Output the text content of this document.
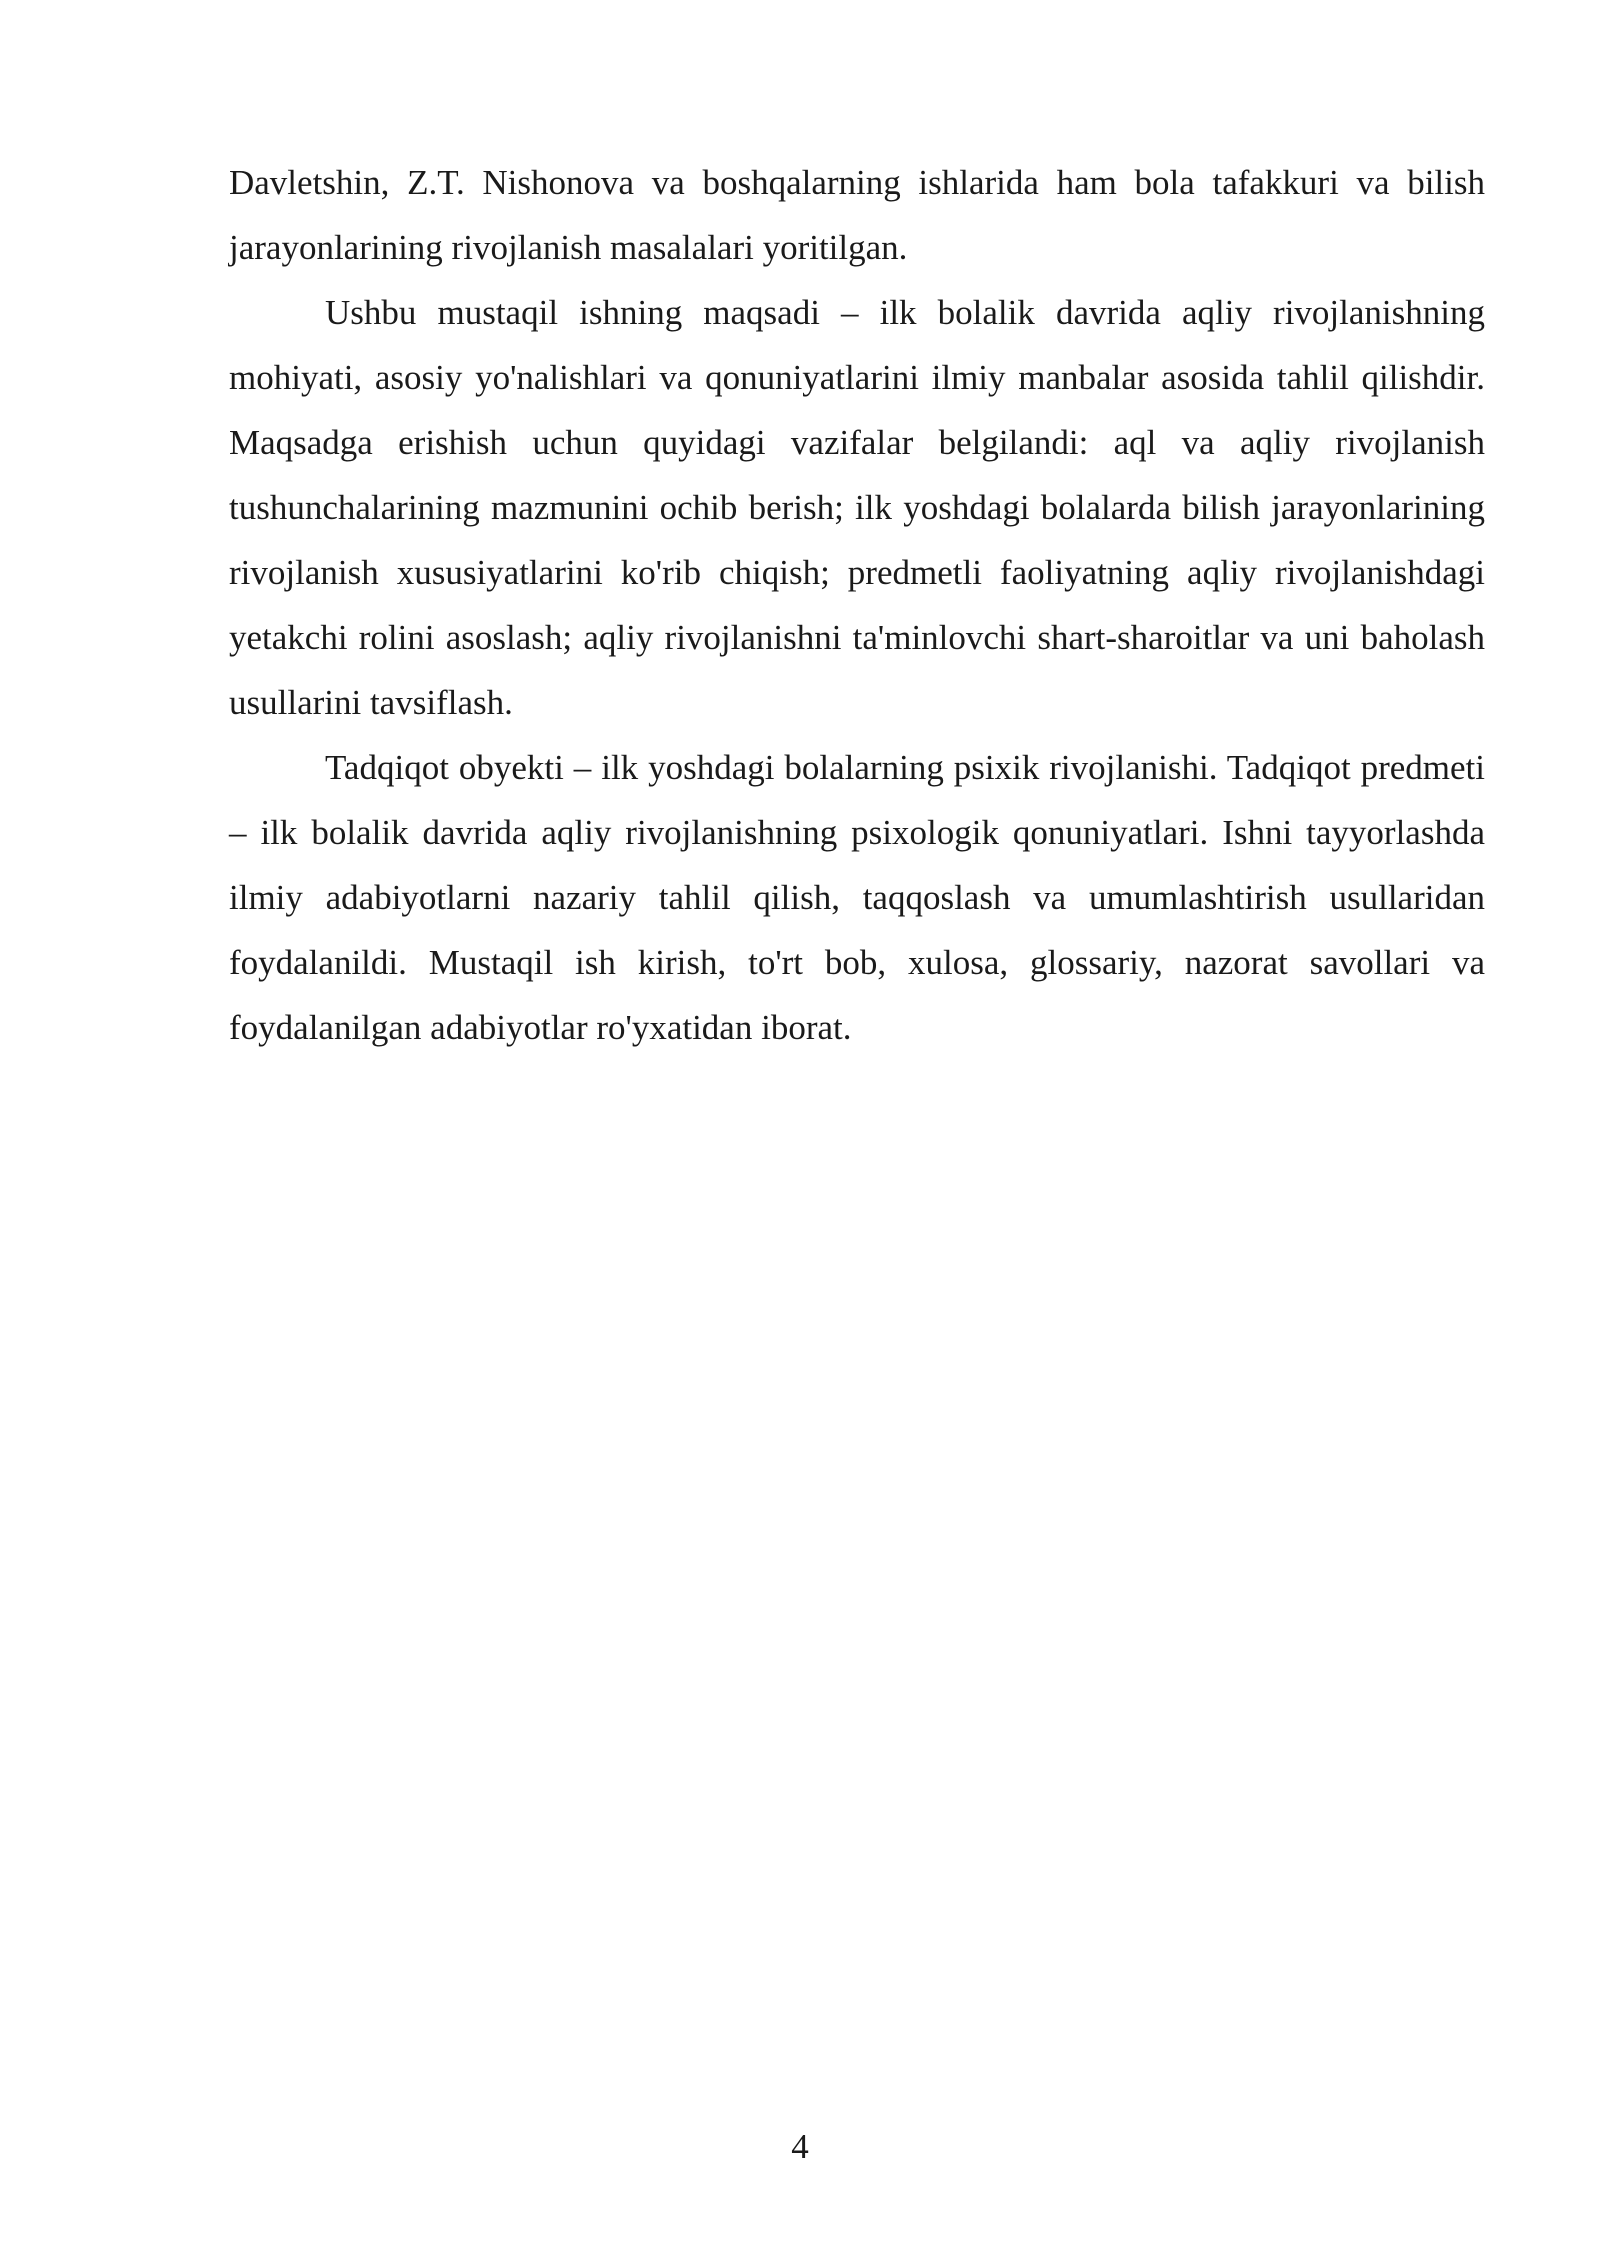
Davletshin, Z.T. Nishonova va boshqalarning ishlarida ham bola tafakkuri va bilish jarayonlarining rivojlanish masalalari yoritilgan.

Ushbu mustaqil ishning maqsadi – ilk bolalik davrida aqliy rivojlanishning mohiyati, asosiy yo'nalishlari va qonuniyatlarini ilmiy manbalar asosida tahlil qilishdir. Maqsadga erishish uchun quyidagi vazifalar belgilandi: aql va aqliy rivojlanish tushunchalarining mazmunini ochib berish; ilk yoshdagi bolalarda bilish jarayonlarining rivojlanish xususiyatlarini ko'rib chiqish; predmetli faoliyatning aqliy rivojlanishdagi yetakchi rolini asoslash; aqliy rivojlanishni ta'minlovchi shart-sharoitlar va uni baholash usullarini tavsiflash.

Tadqiqot obyekti – ilk yoshdagi bolalarning psixik rivojlanishi. Tadqiqot predmeti – ilk bolalik davrida aqliy rivojlanishning psixologik qonuniyatlari. Ishni tayyorlashda ilmiy adabiyotlarni nazariy tahlil qilish, taqqoslash va umumlashtirish usullaridan foydalanildi. Mustaqil ish kirish, to'rt bob, xulosa, glossariy, nazorat savollari va foydalanilgan adabiyotlar ro'yxatidan iborat.

4
